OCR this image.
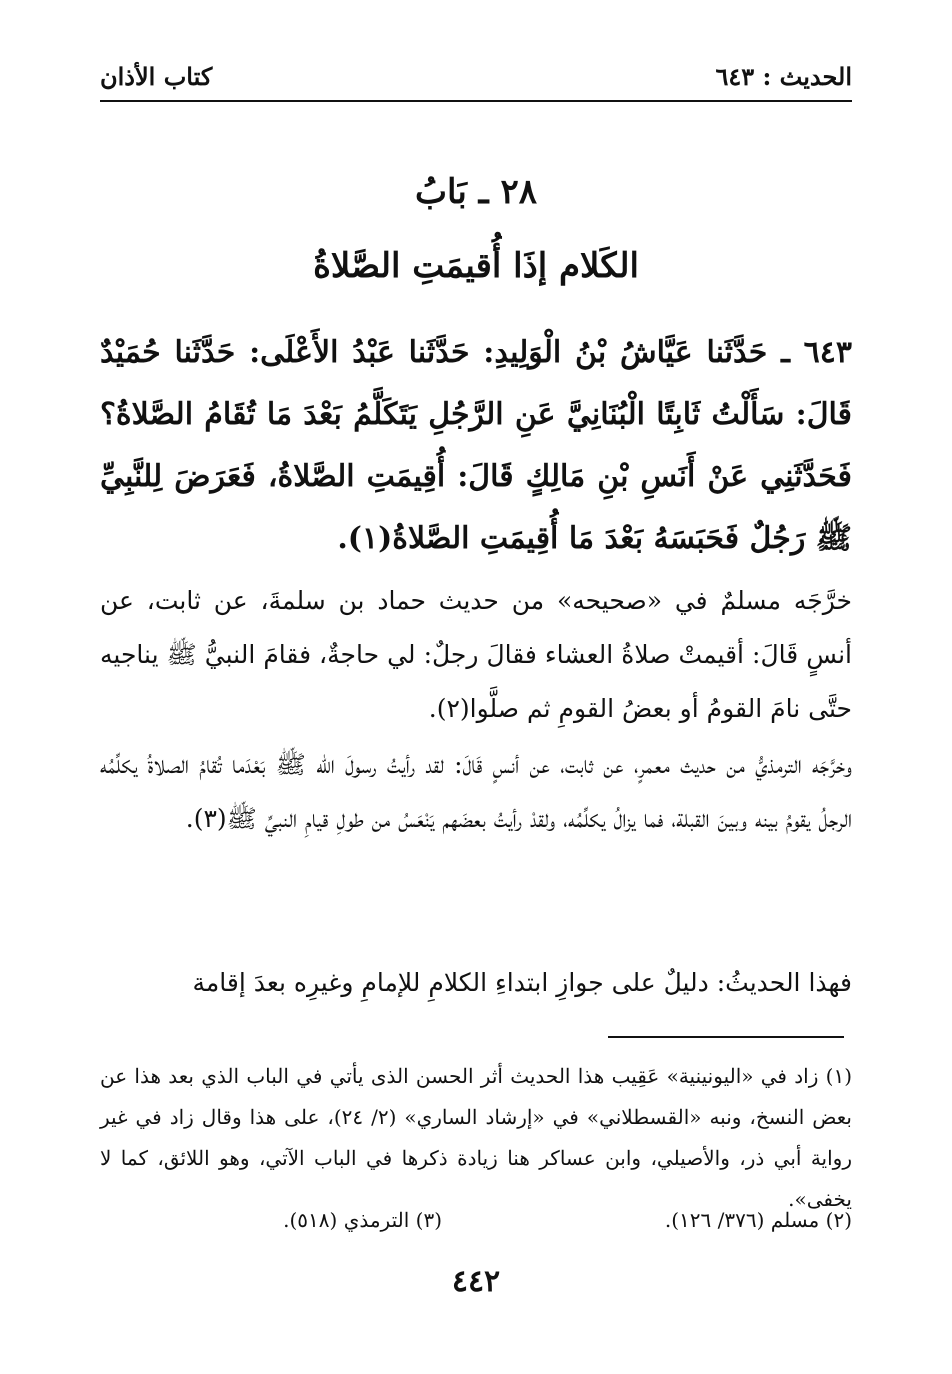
الحديث : ٦٤٣
كتاب الأذان
٢٨ ـ بَابُ
الكَلام إذَا أُقيمَتِ الصَّلاةُ
٦٤٣ ـ حَدَّثَنا عَيَّاشُ بْنُ الْوَلِيدِ: حَدَّثَنا عَبْدُ الأَعْلَى: حَدَّثَنا حُمَيْدٌ قَالَ: سَأَلْتُ ثَابِتًا الْبُنَانِيَّ عَنِ الرَّجُلِ يَتَكَلَّمُ بَعْدَ مَا تُقَامُ الصَّلاةُ؟ فَحَدَّثَنِي عَنْ أَنَسِ بْنِ مَالِكٍ قَالَ: أُقِيمَتِ الصَّلاةُ، فَعَرَضَ لِلنَّبِيِّ ﷺ رَجُلٌ فَحَبَسَهُ بَعْدَ مَا أُقِيمَتِ الصَّلاةُ(١).
خرَّجَه مسلمٌ في «صحيحه» من حديث حماد بن سلمةَ، عن ثابت، عن أنسٍ قَالَ: أقيمتْ صلاةُ العشاء فقالَ رجلٌ: لي حاجةٌ، فقامَ النبيُّ ﷺ يناجيه حتَّى نامَ القومُ أو بعضُ القومِ ثم صلَّوا(٢).
وخرَّجَه الترمذيُّ من حديث معمرٍ، عن ثابت، عن أنسٍ قَالَ: لقد رأيتُ رسولَ الله ﷺ بَعْدَما تُقامُ الصلاةُ يكلِّمُه الرجلُ يقومُ بينه وبينَ القبلة، فما يزالُ يكلِّمُه، ولقدْ رأيتُ بعضَهم يَنْعَسُ من طولِ قيامِ النبيِّ ﷺ(٣).
فهذا الحديثُ: دليلٌ على جوازِ ابتداءِ الكلامِ للإمامِ وغيرِه بعدَ إقامة
(١) زاد في «اليونينية» عَقِيب هذا الحديث أثر الحسن الذى يأتي في الباب الذي بعد هذا عن بعض النسخ، ونبه «القسطلاني» في «إرشاد الساري» (٢/ ٢٤)، على هذا وقال زاد في غير رواية أبي ذر، والأصيلي، وابن عساكر هنا زيادة ذكرها في الباب الآتي، وهو اللائق، كما لا يخفى».
(٢) مسلم (٣٧٦/ ١٢٦).
(٣) الترمذي (٥١٨).
٤٤٢
